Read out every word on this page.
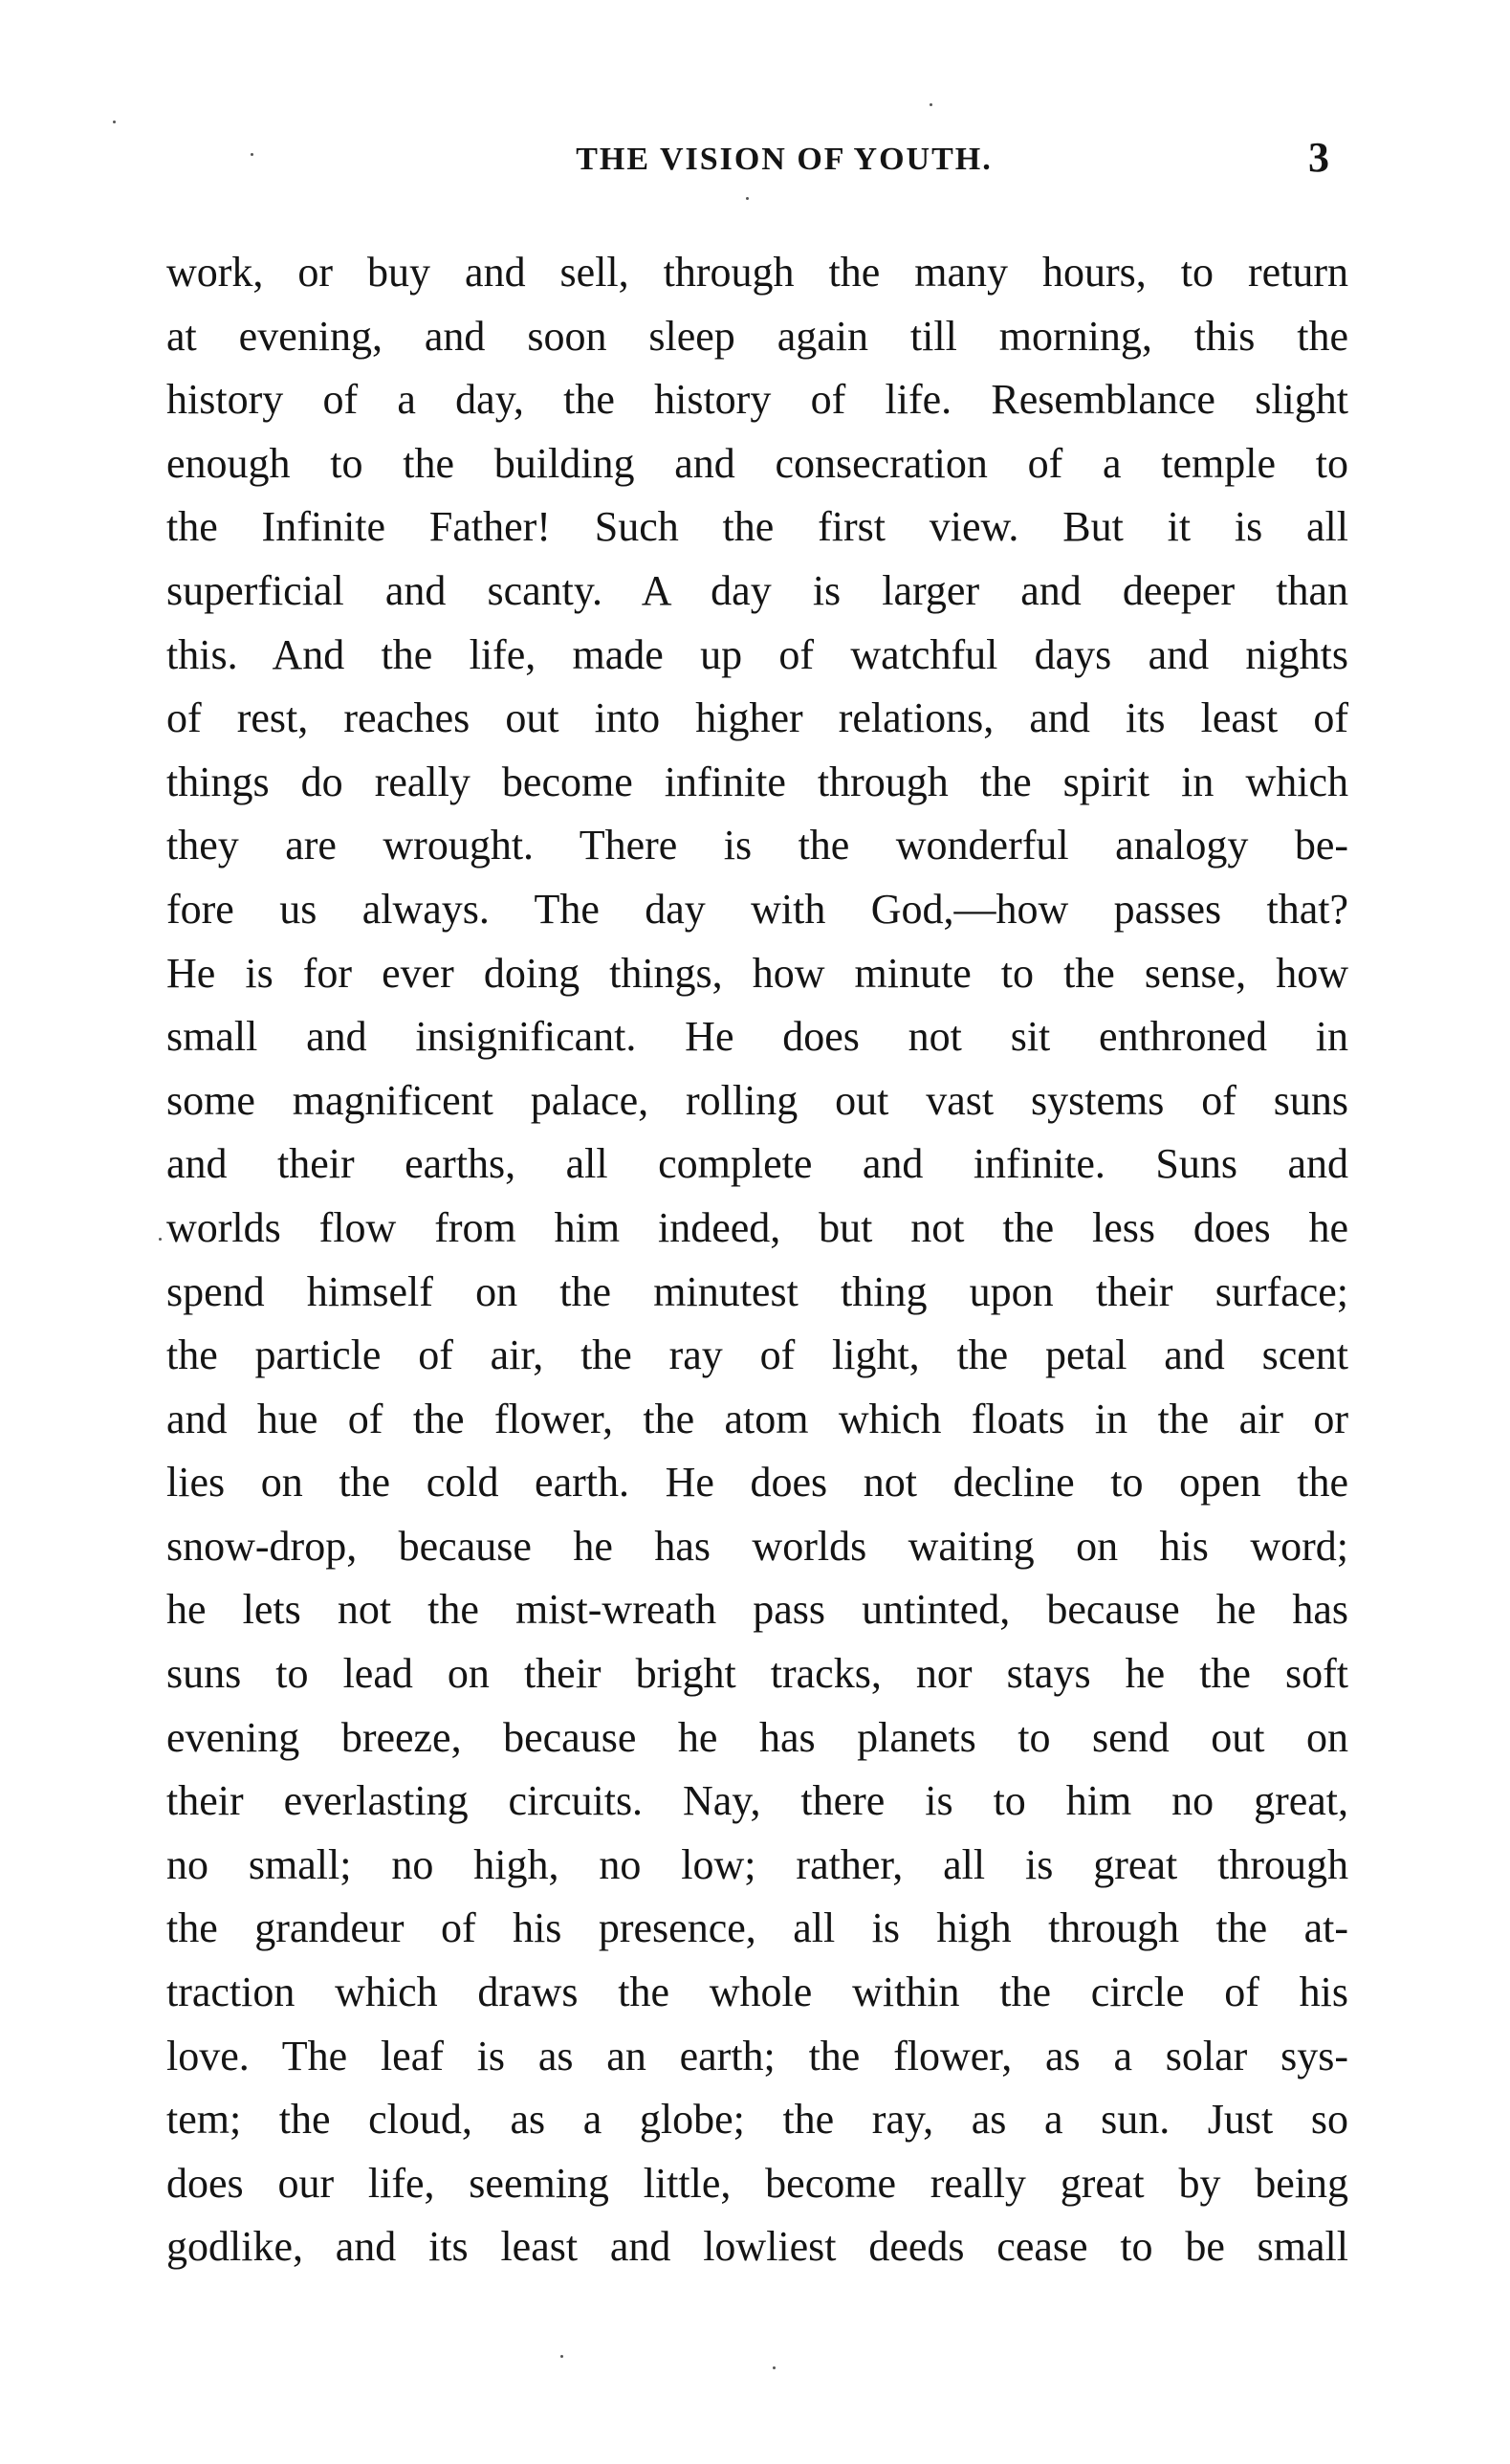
THE VISION OF YOUTH.	3
work, or buy and sell, through the many hours, to return
at evening, and soon sleep again till morning, this the
history of a day, the history of life. Resemblance slight
enough to the building and consecration of a temple to
the Infinite Father! Such the first view. But it is all
superficial and scanty. A day is larger and deeper than
this. And the life, made up of watchful days and nights
of rest, reaches out into higher relations, and its least of
things do really become infinite through the spirit in which
they are wrought. There is the wonderful analogy be-
fore us always. The day with God,—how passes that?
He is for ever doing things, how minute to the sense, how
small and insignificant. He does not sit enthroned in
some magnificent palace, rolling out vast systems of suns
and their earths, all complete and infinite. Suns and
worlds flow from him indeed, but not the less does he
spend himself on the minutest thing upon their surface;
the particle of air, the ray of light, the petal and scent
and hue of the flower, the atom which floats in the air or
lies on the cold earth. He does not decline to open the
snow-drop, because he has worlds waiting on his word;
he lets not the mist-wreath pass untinted, because he has
suns to lead on their bright tracks, nor stays he the soft
evening breeze, because he has planets to send out on
their everlasting circuits. Nay, there is to him no great,
no small; no high, no low; rather, all is great through
the grandeur of his presence, all is high through the at-
traction which draws the whole within the circle of his
love. The leaf is as an earth; the flower, as a solar sys-
tem; the cloud, as a globe; the ray, as a sun. Just so
does our life, seeming little, become really great by being
godlike, and its least and lowliest deeds cease to be small
